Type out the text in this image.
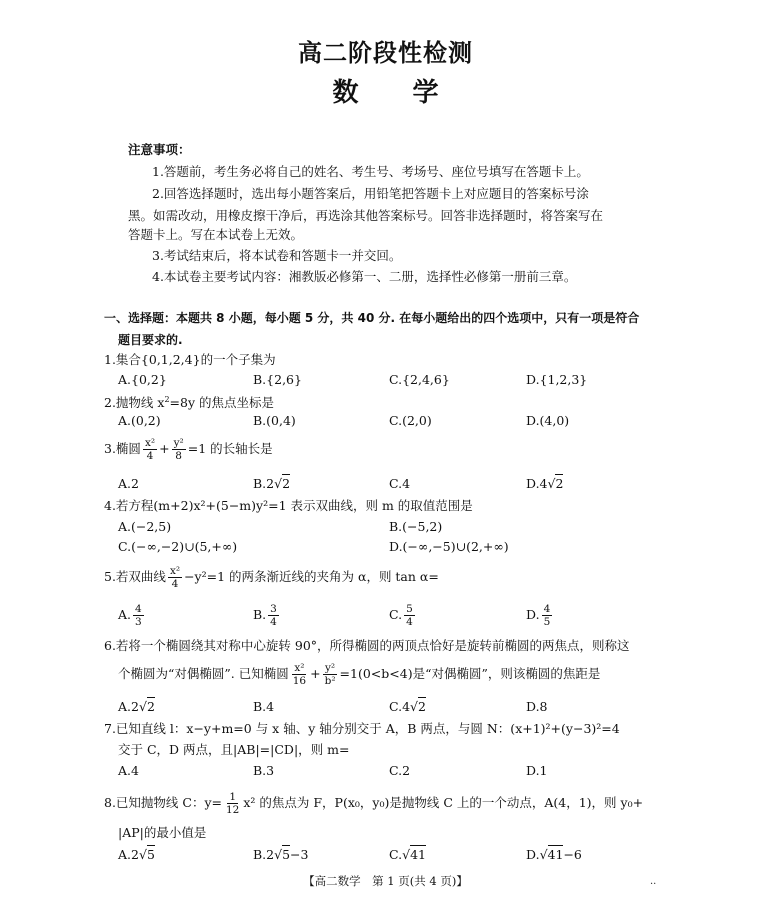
高二阶段性检测
数 学
注意事项：
1.答题前，考生务必将自己的姓名、考生号、考场号、座位号填写在答题卡上。
2.回答选择题时，选出每小题答案后，用铅笔把答题卡上对应题目的答案标号涂
黑。如需改动，用橡皮擦干净后，再选涂其他答案标号。回答非选择题时，将答案写在
答题卡上。写在本试卷上无效。
3.考试结束后，将本试卷和答题卡一并交回。
4.本试卷主要考试内容：湘教版必修第一、二册，选择性必修第一册前三章。
一、选择题：本题共 8 小题，每小题 5 分，共 40 分. 在每小题给出的四个选项中，只有一项是符合
题目要求的.
1.集合{0,1,2,4}的一个子集为
A.{0,2}	B.{2,6}	C.{2,4,6}	D.{1,2,3}
2.抛物线 $x^2=8y$ 的焦点坐标是
A.(0,2)	B.(0,4)	C.(2,0)	D.(4,0)
3.椭圆 $\frac{\text{x²}}{4} + \frac{\text{y²}}{8} =1$ 的长轴长是
A.2	B.2√2	C.4	D.4√2
4.若方程(m+2)x²+(5−m)y²=1 表示双曲线，则 m 的取值范围是
A.(−2,5)	B.(−5,2)
C.(−∞,−2)∪(5,+∞)	D.(−∞,−5)∪(2,+∞)
5.若双曲线 $\frac{\text{x²}}{4} -y^2=1$ 的两条渐近线的夹角为 α，则 tan α=
A. $\frac{4}{3}$	B. $\frac{3}{4}$	C. $\frac{5}{4}$	D. $\frac{4}{5}$
6.若将一个椭圆绕其对称中心旋转 90°，所得椭圆的两顶点恰好是旋转前椭圆的两焦点，则称这
个椭圆为“对偶椭圆”. 已知椭圆 $\frac{\text{x²}}{16} + \frac{\text{y²}}{\text{b²}} =1(0<b<4)$是“对偶椭圆”，则该椭圆的焦距是
A.2√2	B.4	C.4√2	D.8
7.已知直线 l：x−y+m=0 与 x 轴、y 轴分别交于 A，B 两点，与圆 N：(x+1)²+(y−3)²=4
交于 C，D 两点，且|AB|=|CD|，则 m=
A.4	B.3	C.2	D.1
8.已知抛物线 C：$y= \frac{1}{12} x^2$ 的焦点为 F，P(x₀，y₀)是抛物线 C 上的一个动点，A(4，1)，则 y₀+
|AP|的最小值是
A.2√5	B.2√5−3	C.√41	D.√41−6
【高二数学　第 1 页(共 4 页)】	··
